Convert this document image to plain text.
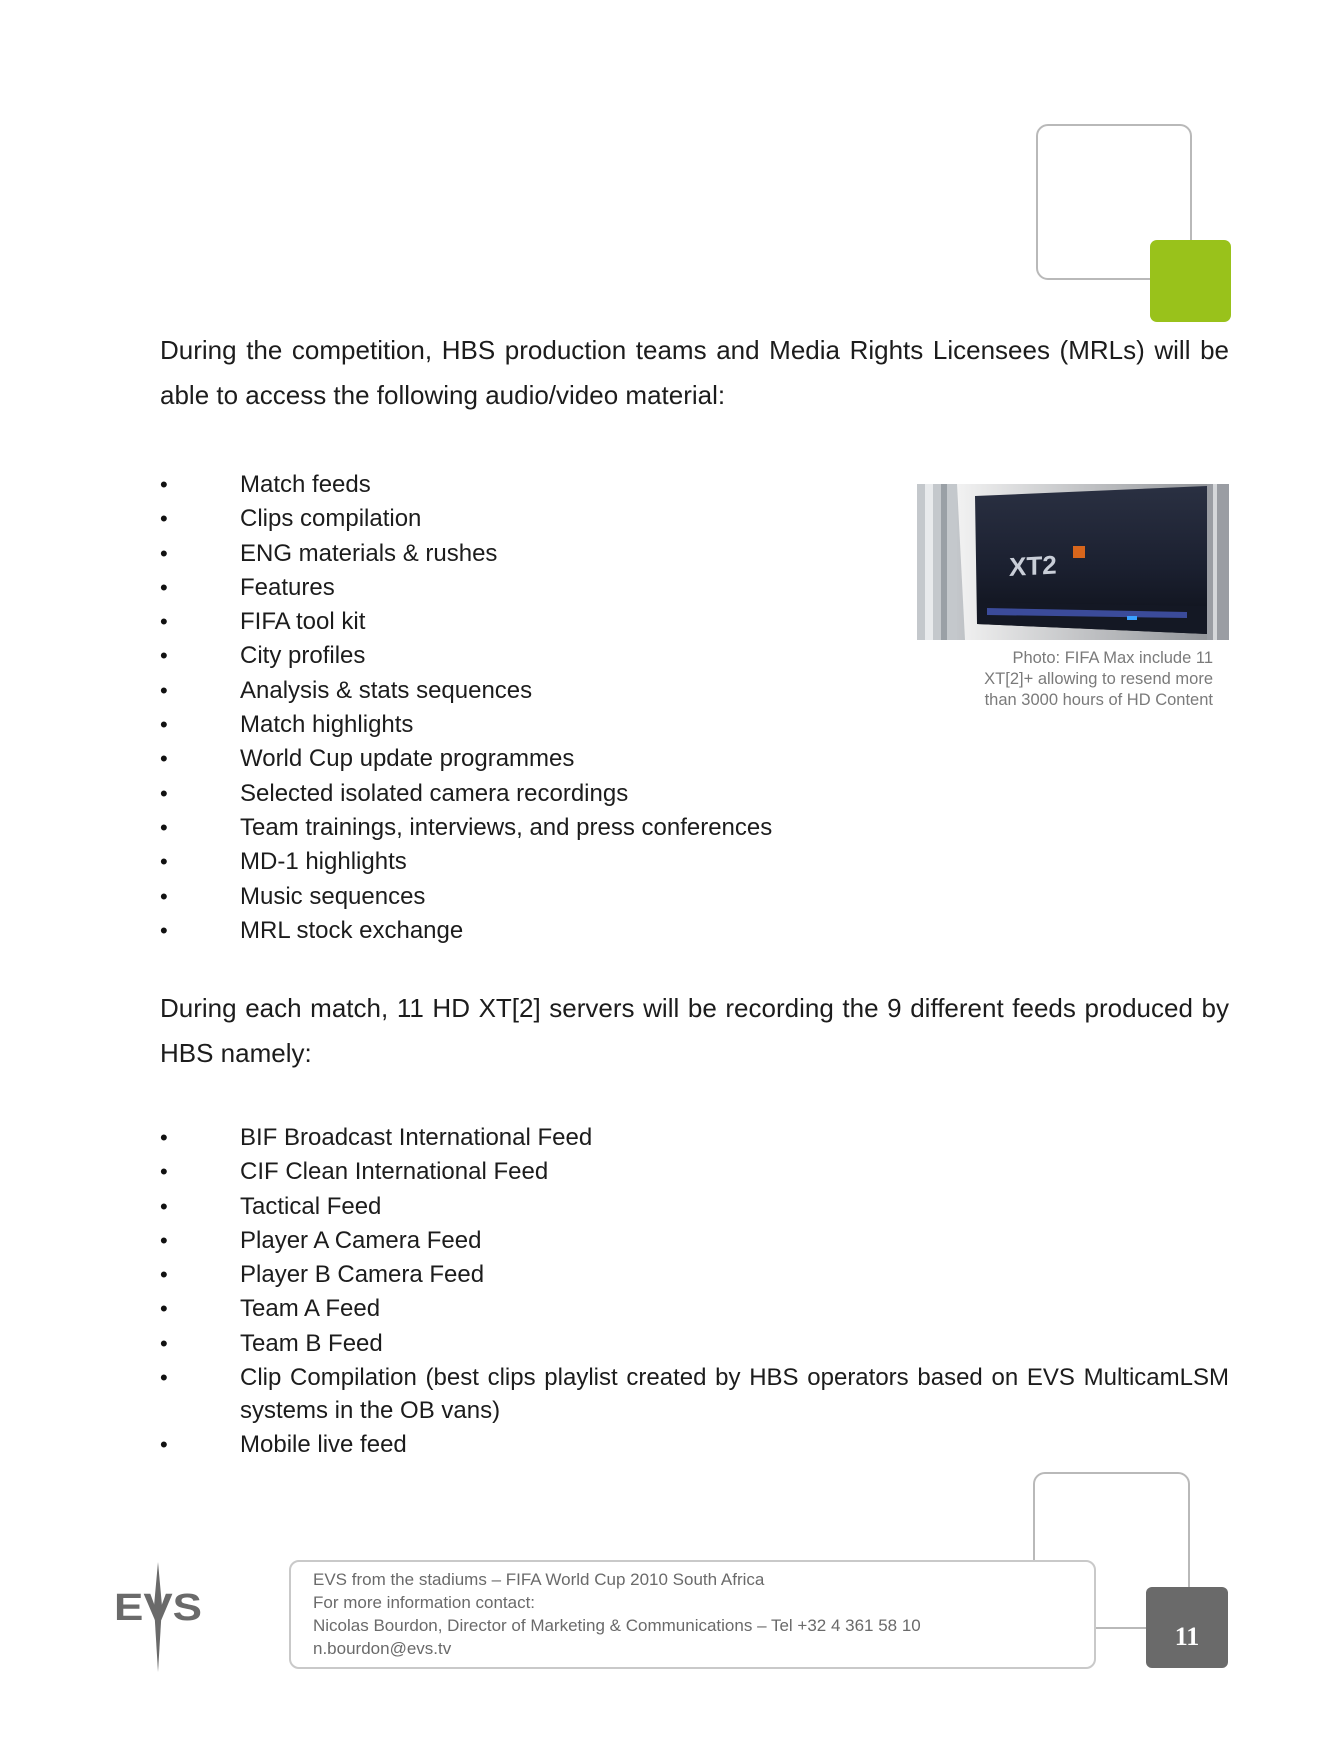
During the competition, HBS production teams and Media Rights Licensees (MRLs) will be able to access the following audio/video material:

• Match feeds
• Clips compilation
• ENG materials & rushes
• Features
• FIFA tool kit
• City profiles
• Analysis & stats sequences
• Match highlights
• World Cup update programmes
• Selected isolated camera recordings
• Team trainings, interviews, and press conferences
• MD-1 highlights
• Music sequences
• MRL stock exchange
XT2
Photo: FIFA Max include 11
XT[2]+ allowing to resend more
than 3000 hours of HD Content

During each match, 11 HD XT[2] servers will be recording the 9 different feeds produced by HBS namely:

• BIF Broadcast International Feed
• CIF Clean International Feed
• Tactical Feed
• Player A Camera Feed
• Player B Camera Feed
• Team A Feed
• Team B Feed
• Clip Compilation (best clips playlist created by HBS operators based on EVS MulticamLSM systems in the OB vans)
• Mobile live feed
EVS from the stadiums – FIFA World Cup 2010 South Africa
For more information contact:
Nicolas Bourdon, Director of Marketing & Communications – Tel +32 4 361 58 10
n.bourdon@evs.tv	11
EVS
